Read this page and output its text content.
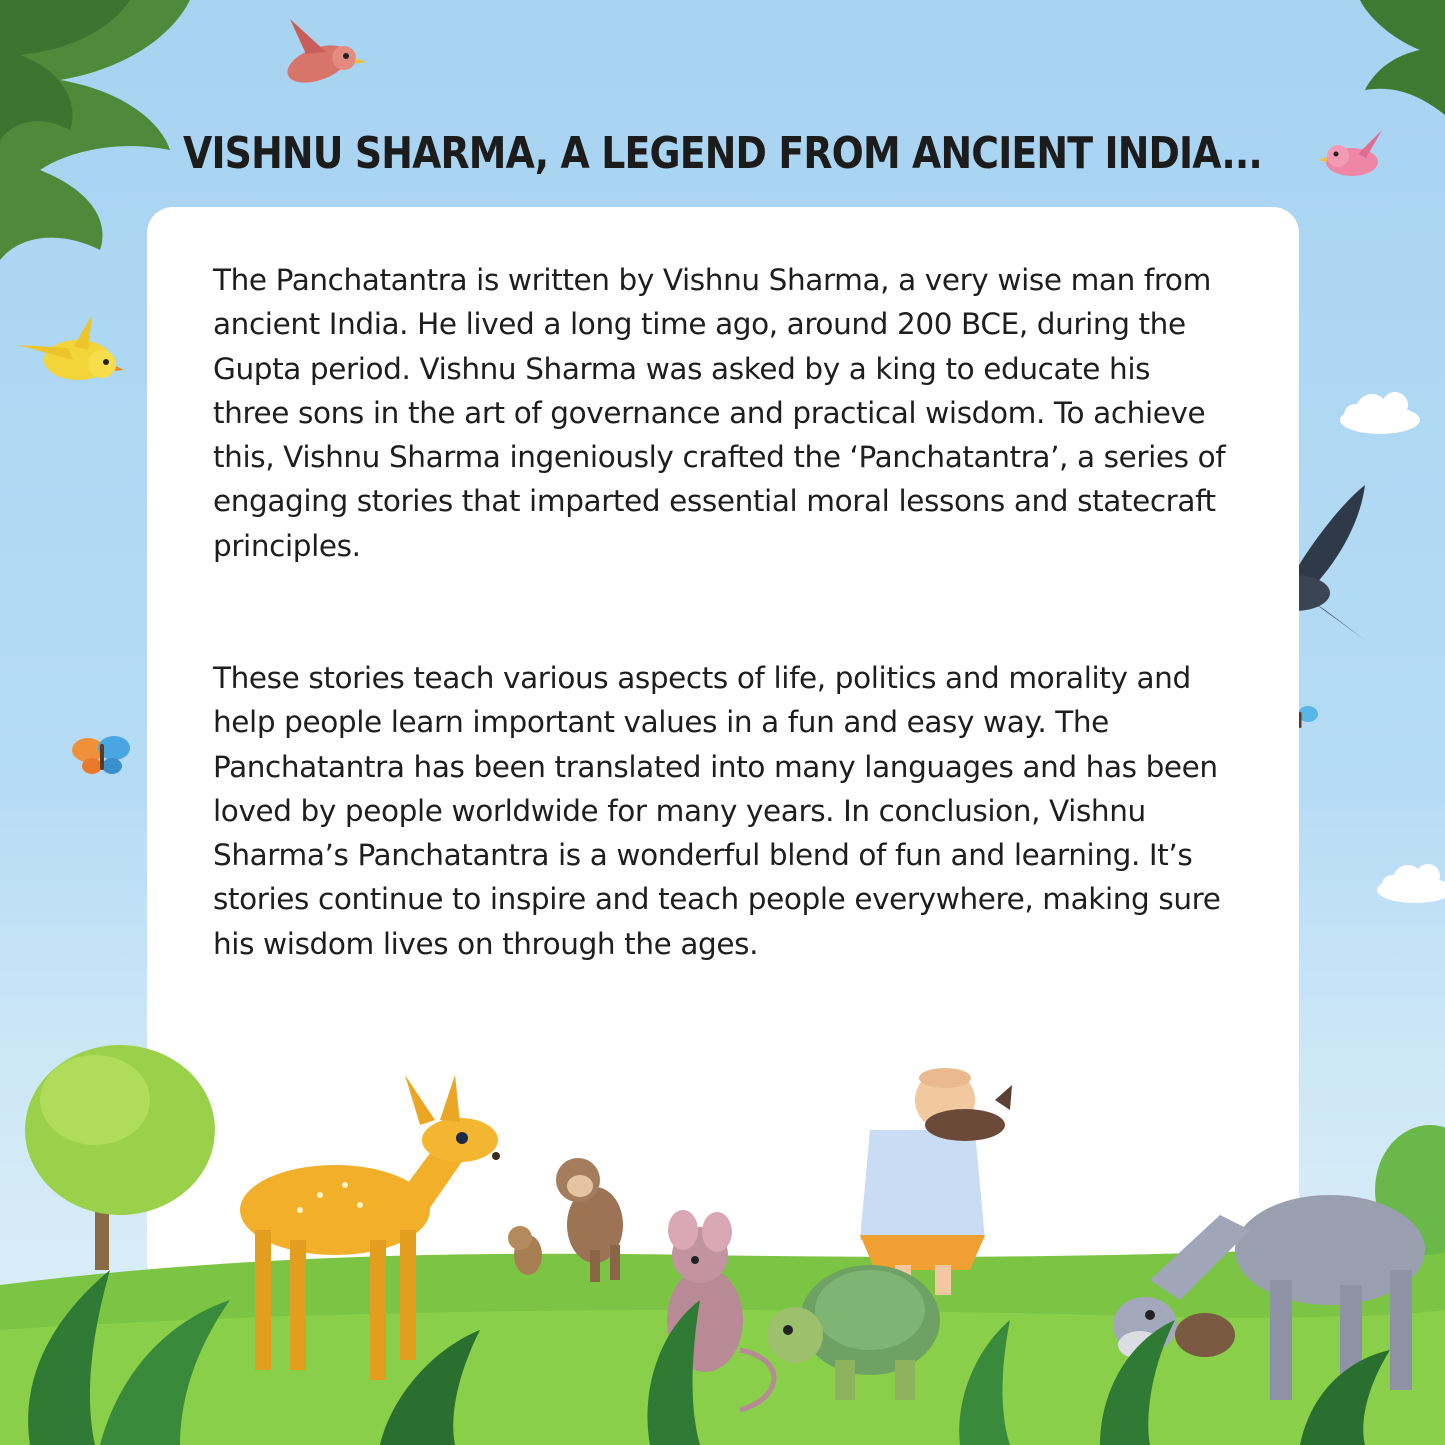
VISHNU SHARMA, A LEGEND FROM ANCIENT INDIA...

The Panchatantra is written by Vishnu Sharma, a very wise man from ancient India. He lived a long time ago, around 200 BCE, during the Gupta period. Vishnu Sharma was asked by a king to educate his three sons in the art of governance and practical wisdom. To achieve this, Vishnu Sharma ingeniously crafted the ‘Panchatantra’, a series of engaging stories that imparted essential moral lessons and statecraft principles.

These stories teach various aspects of life, politics and morality and help people learn important values in a fun and easy way. The Panchatantra has been translated into many languages and has been loved by people worldwide for many years. In conclusion, Vishnu Sharma’s Panchatantra is a wonderful blend of fun and learning. It’s stories continue to inspire and teach people everywhere, making sure his wisdom lives on through the ages.
